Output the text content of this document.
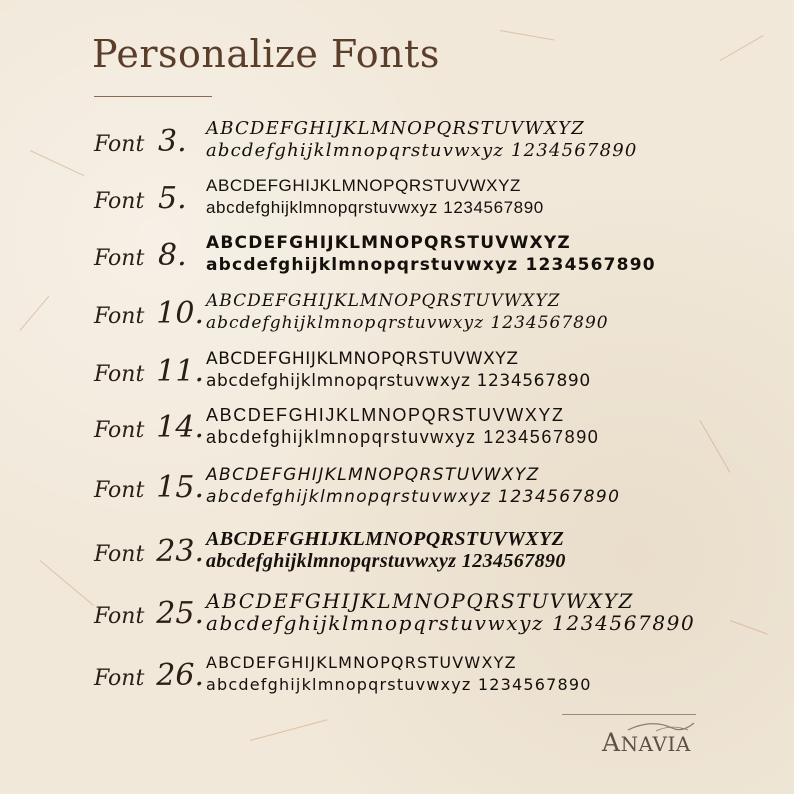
Personalize Fonts
Font 3. ABCDEFGHIJKLMNOPQRSTUVWXYZ
abcdefghijklmnopqrstuvwxyz 1234567890
Font 5. ABCDEFGHIJKLMNOPQRSTUVWXYZ
abcdefghijklmnopqrstuvwxyz 1234567890
Font 8. ABCDEFGHIJKLMNOPQRSTUVWXYZ
abcdefghijklmnopqrstuvwxyz 1234567890
Font 10. ABCDEFGHIJKLMNOPQRSTUVWXYZ
abcdefghijklmnopqrstuvwxyz 1234567890
Font 11. ABCDEFGHIJKLMNOPQRSTUVWXYZ
abcdefghijklmnopqrstuvwxyz 1234567890
Font 14. ABCDEFGHIJKLMNOPQRSTUVWXYZ
abcdefghijklmnopqrstuvwxyz 1234567890
Font 15. ABCDEFGHIJKLMNOPQRSTUVWXYZ
abcdefghijklmnopqrstuvwxyz 1234567890
Font 23. ABCDEFGHIJKLMNOPQRSTUVWXYZ
abcdefghijklmnopqrstuvwxyz 1234567890
Font 25. ABCDEFGHIJKLMNOPQRSTUVWXYZ
abcdefghijklmnopqrstuvwxyz 1234567890
Font 26. ABCDEFGHIJKLMNOPQRSTUVWXYZ
abcdefghijklmnopqrstuvwxyz 1234567890
ANAVIA
